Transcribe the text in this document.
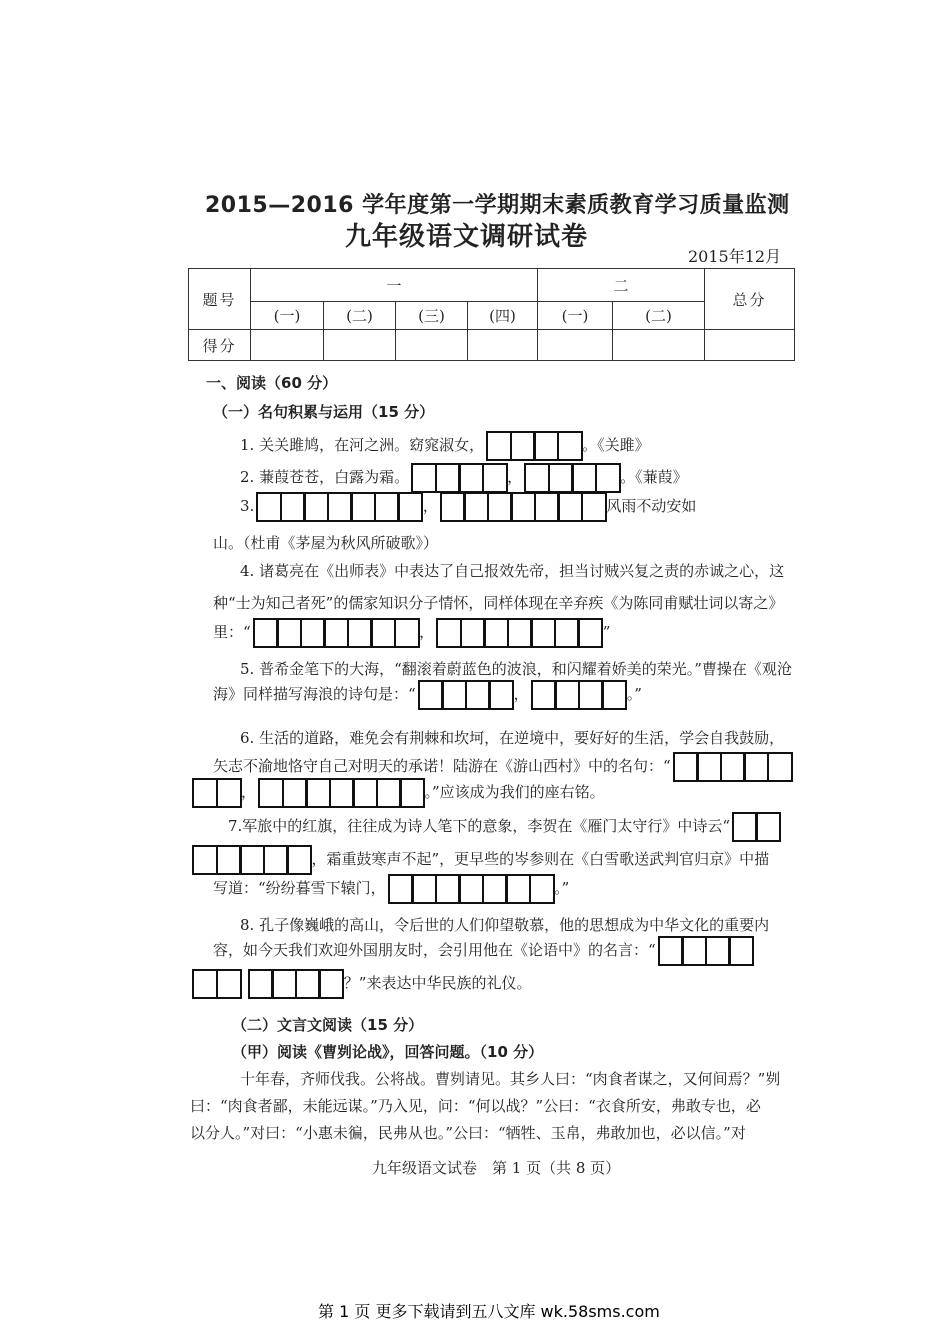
2015—2016 学年度第一学期期末素质教育学习质量监测
九年级语文调研试卷
2015年12月
题号	一				二		总分
	(一)	(二)	(三)	(四)	(一)	(二)	
得分							
一、阅读（60 分）
（一）名句积累与运用（15 分）
1. 关关雎鸠，在河之洲。窈窕淑女，	。《关雎》
2. 蒹葭苍苍，白露为霜。	，	。《蒹葭》
3.	，	风雨不动安如
山。（杜甫《茅屋为秋风所破歌》）
4. 诸葛亮在《出师表》中表达了自己报效先帝，担当讨贼兴复之责的赤诚之心，这
种“士为知己者死”的儒家知识分子情怀，同样体现在辛弃疾《为陈同甫赋壮词以寄之》
里：“	，	”
5. 普希金笔下的大海，“翻滚着蔚蓝色的波浪，和闪耀着娇美的荣光。”曹操在《观沧
海》同样描写海浪的诗句是：“	，	。”
6. 生活的道路，难免会有荆棘和坎坷，在逆境中，要好好的生活，学会自我鼓励，
矢志不渝地恪守自己对明天的承诺！陆游在《游山西村》中的名句：“
，	。”应该成为我们的座右铭。
7.军旅中的红旗，往往成为诗人笔下的意象，李贺在《雁门太守行》中诗云“
，霜重鼓寒声不起”，更早些的岑参则在《白雪歌送武判官归京》中描
写道：“纷纷暮雪下辕门，	。”
8. 孔子像巍峨的高山，令后世的人们仰望敬慕，他的思想成为中华文化的重要内
容，如今天我们欢迎外国朋友时，会引用他在《论语中》的名言：“

？”来表达中华民族的礼仪。
（二）文言文阅读（15 分）
（甲）阅读《曹刿论战》，回答问题。（10 分）
十年春，齐师伐我。公将战。曹刿请见。其乡人曰：“肉食者谋之，又何间焉？”刿
曰：“肉食者鄙，未能远谋。”乃入见，问：“何以战？”公曰：“衣食所安，弗敢专也，必
以分人。”对曰：“小惠未徧，民弗从也。”公曰：“牺牲、玉帛，弗敢加也，必以信。”对
九年级语文试卷　第 1 页（共 8 页）
第 1 页 更多下载请到五八文库 wk.58sms.com
